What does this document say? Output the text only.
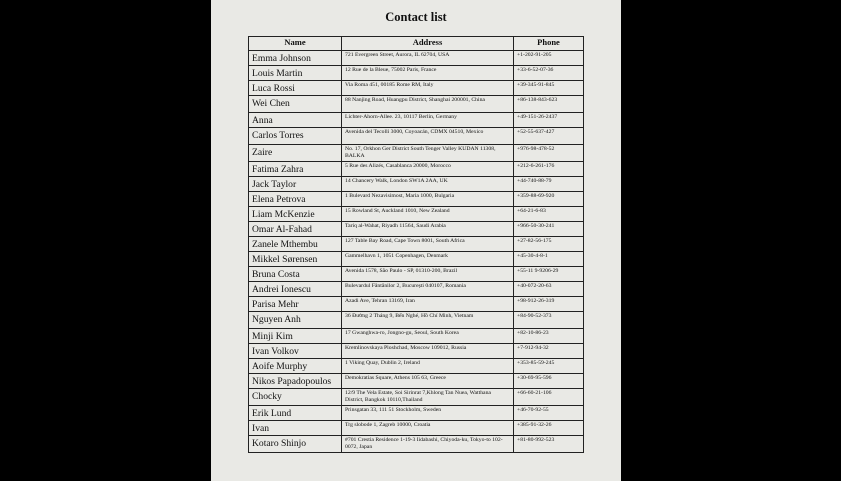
Contact list
Name	Address	Phone
Emma Johnson	721 Evergreen Street, Aurora, IL 62704, USA	+1-202-91-205
Louis Martin	12 Rue de la Bleue, 75002 Paris, France	+33-6-52-07-36
Luca Rossi	Via Roma 451, 00185 Rome RM, Italy	+39-345-91-845
Wei Chen	88 Nanjing Road, Huangpu District, Shanghai 200001, China	+86-138-843-623
Anna	Lichter-Ahorn-Allee. 23, 10117 Berlin, Germany	+49-151-26-2437
Carlos Torres	Avenida del Tecolli 3000, Coyoacán, CDMX 04510, Mexico	+52-55-637-427
Zaire	No. 17, Orkhon Ger District South Tenger Valley KUDAN 11308, BALKA	+976-98-478-52
Fatima Zahra	5 Rue des Alizés, Casablanca 20000, Morocco	+212-6-261-176
Jack Taylor	14 Chancery Walk, London SW1A 2AA, UK	+44-740-88-79
Elena Petrova	1 Bulevard Nezavisimost, Maria 1000, Bulgaria	+359-88-69-920
Liam McKenzie	15 Rowland St, Auckland 1010, New Zealand	+64-21-6-83
Omar Al-Fahad	Tariq al-Wahat, Riyadh 11564, Saudi Arabia	+966-50-30-241
Zanele Mthembu	127 Table Bay Road, Cape Town 8001, South Africa	+27-82-56-175
Mikkel Sørensen	Gammelhavn 1, 1051 Copenhagen, Denmark	+45-30-4-8-1
Bruna Costa	Avenida 1578, São Paulo - SP, 01310-200, Brazil	+55-11 9-9206-29
Andrei Ionescu	Bulevardul Fântânilor 2, București 040107, Romania	+40-072-20-63
Parisa Mehr	Azadi Ave, Tehran 13169, Iran	+98-912-26-319
Nguyen Anh	36 Đường 2 Tháng 9, Bến Nghé, Hồ Chí Minh, Vietnam	+84-90-52-373
Minji Kim	17 Gwanghwa-ro, Jongno-gu, Seoul, South Korea	+82-10-86-23
Ivan Volkov	Kremlinovskaya Ploshchad, Moscow 109012, Russia	+7-912-94-32
Aoife Murphy	1 Viking Quay, Dublin 2, Ireland	+353-85-59-245
Nikos Papadopoulos	Demokratias Square, Athens 105 63, Greece	+30-69-95-596
Chocky	12/9 The Vela Estate, Soi Sirinrat 7,Khlong Tan Nuea, Watthana District, Bangkok 10110,Thailand	+66-60-21-106
Erik Lund	Prinsgatan 33, 111 51 Stockholm, Sweden	+46-70-92-55
Ivan	Trg slobode 1, Zagreb 10000, Croatia	+385-91-32-26
Kotaro Shinjo	#701 Crestia Residence 1-19-3 Iidabashi, Chiyoda-ku, Tokyo-to 102-0072, Japan	+81-80-992-523
